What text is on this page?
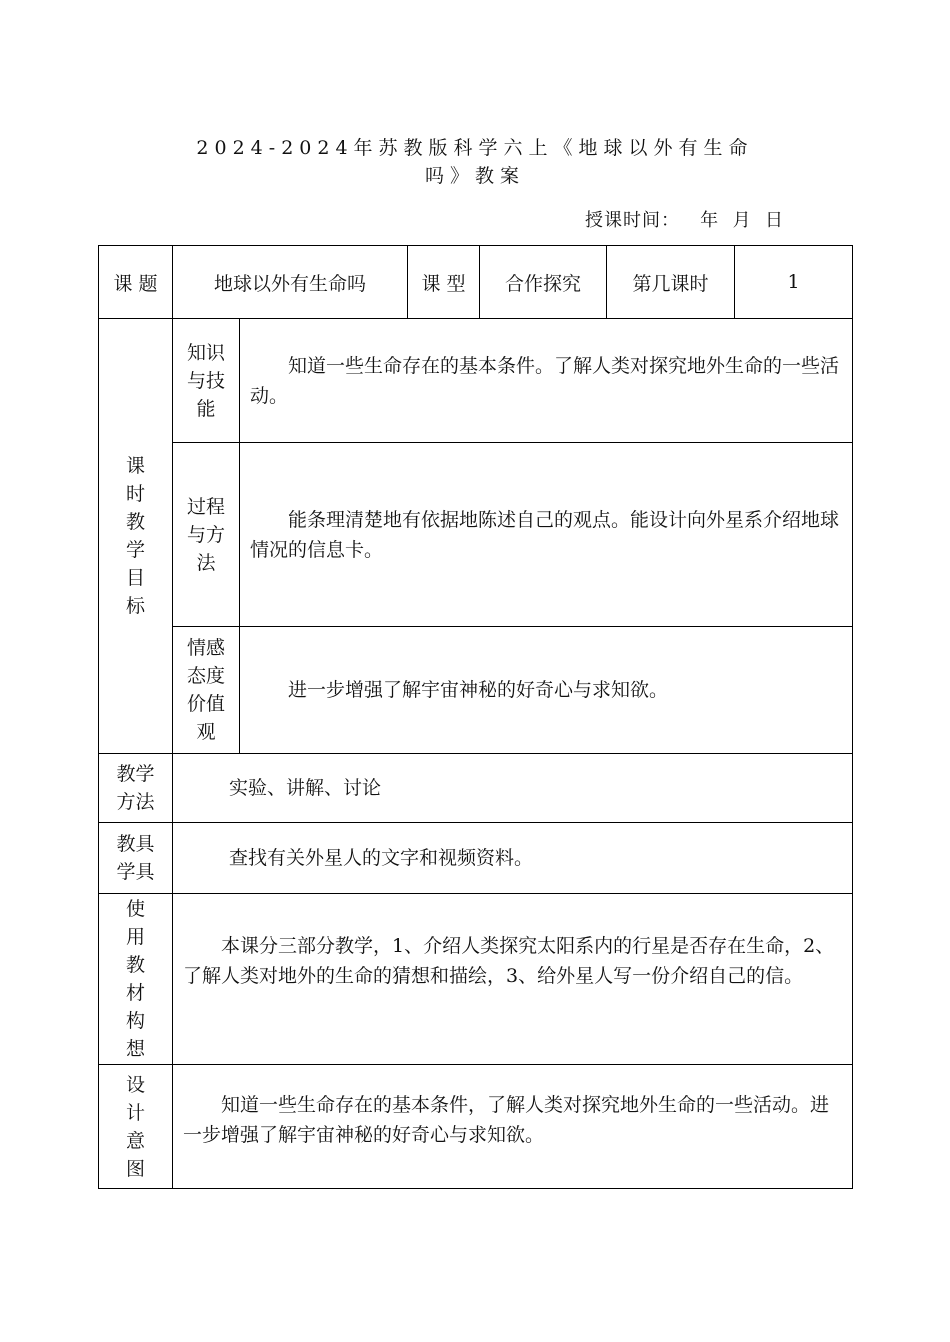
2024-2024年苏教版科学六上《地球以外有生命
吗》教案
授课时间：   年  月  日
课 题	地球以外有生命吗		课 型	合作探究	第几课时	1

课时教学目标	知识与技能	知道一些生命存在的基本条件。了解人类对探究地外生命的一些活动。				

	过程与方法	能条理清楚地有依据地陈述自己的观点。能设计向外星系介绍地球情况的信息卡。				

	情感态度价值观	进一步增强了解宇宙神秘的好奇心与求知欲。				

教学方法	实验、讲解、讨论					

教具学具	查找有关外星人的文字和视频资料。					

使用教材构想	本课分三部分教学，1、介绍人类探究太阳系内的行星是否存在生命，2、了解人类对地外的生命的猜想和描绘，3、给外星人写一份介绍自己的信。					

设计意图	知道一些生命存在的基本条件，了解人类对探究地外生命的一些活动。进一步增强了解宇宙神秘的好奇心与求知欲。					
